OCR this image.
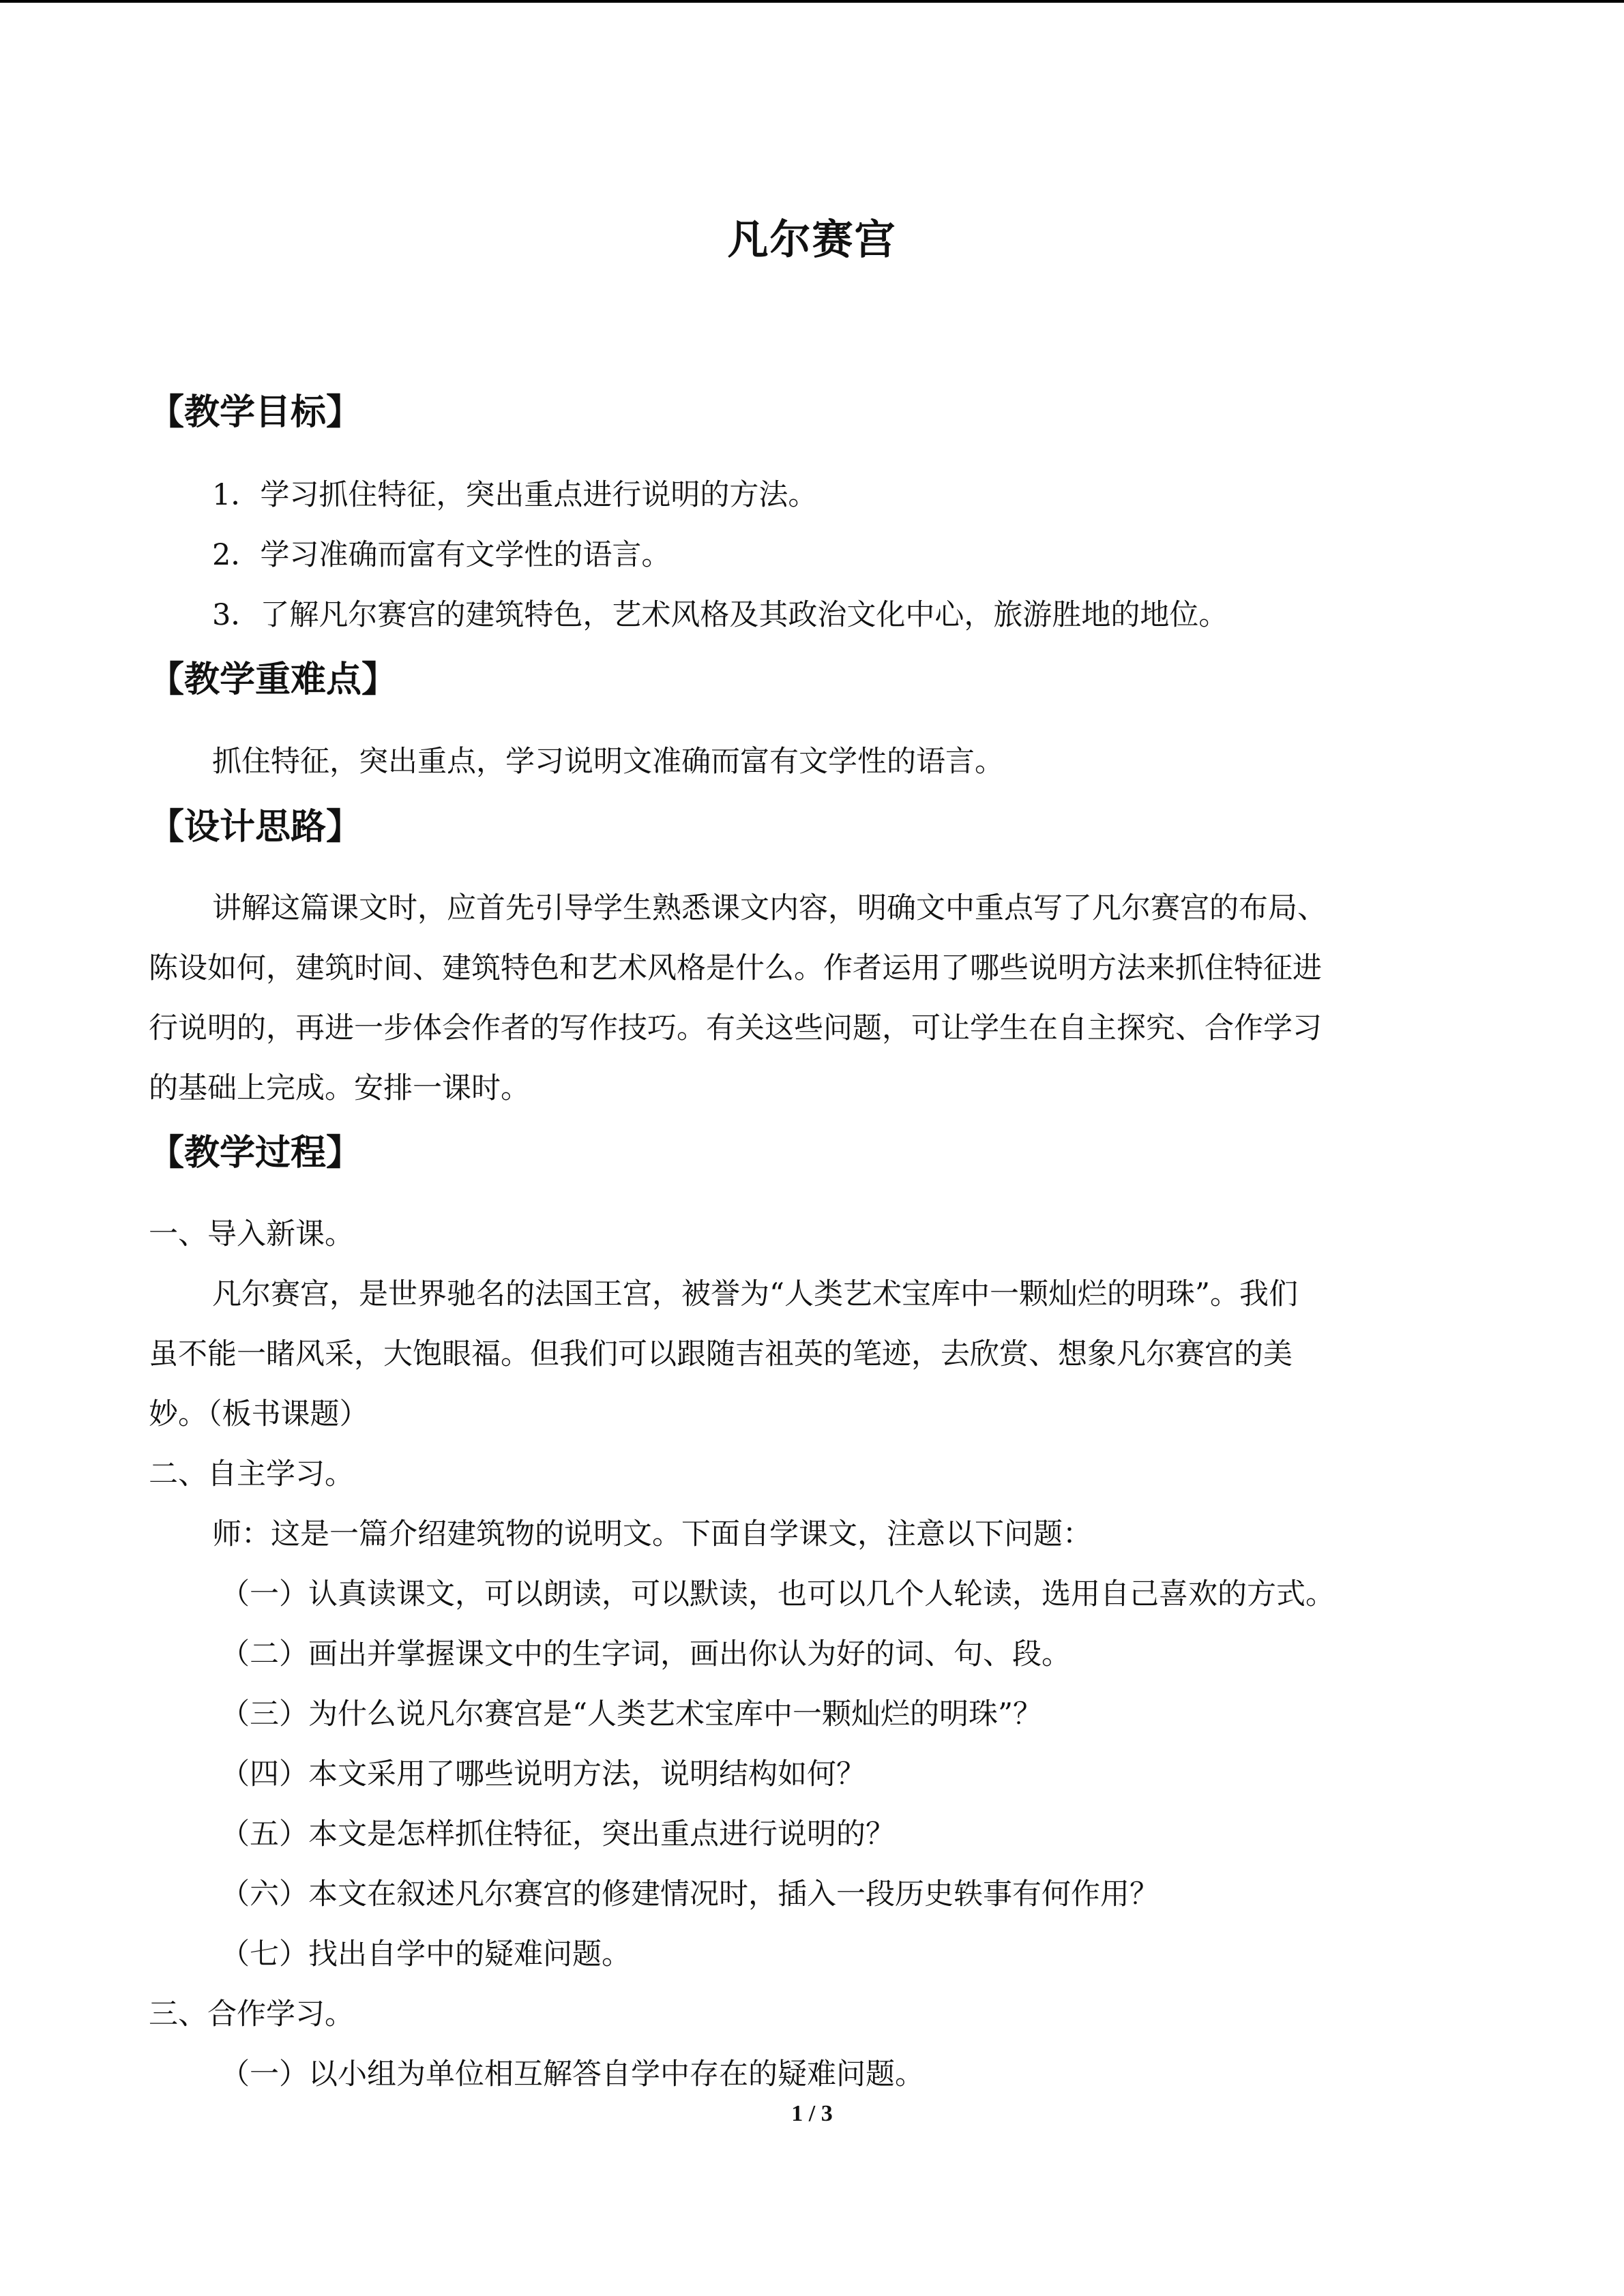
凡尔赛宫
【教学目标】
1．学习抓住特征，突出重点进行说明的方法。
2．学习准确而富有文学性的语言。
3．了解凡尔赛宫的建筑特色，艺术风格及其政治文化中心，旅游胜地的地位。
【教学重难点】
抓住特征，突出重点，学习说明文准确而富有文学性的语言。
【设计思路】
讲解这篇课文时，应首先引导学生熟悉课文内容，明确文中重点写了凡尔赛宫的布局、
陈设如何，建筑时间、建筑特色和艺术风格是什么。作者运用了哪些说明方法来抓住特征进
行说明的，再进一步体会作者的写作技巧。有关这些问题，可让学生在自主探究、合作学习
的基础上完成。安排一课时。
【教学过程】
一、导入新课。
凡尔赛宫，是世界驰名的法国王宫，被誉为“人类艺术宝库中一颗灿烂的明珠”。我们
虽不能一睹风采，大饱眼福。但我们可以跟随吉祖英的笔迹，去欣赏、想象凡尔赛宫的美
妙。（板书课题）
二、自主学习。
师：这是一篇介绍建筑物的说明文。下面自学课文，注意以下问题：
（一）认真读课文，可以朗读，可以默读，也可以几个人轮读，选用自己喜欢的方式。
（二）画出并掌握课文中的生字词，画出你认为好的词、句、段。
（三）为什么说凡尔赛宫是“人类艺术宝库中一颗灿烂的明珠”？
（四）本文采用了哪些说明方法，说明结构如何？
（五）本文是怎样抓住特征，突出重点进行说明的？
（六）本文在叙述凡尔赛宫的修建情况时，插入一段历史轶事有何作用？
（七）找出自学中的疑难问题。
三、合作学习。
（一）以小组为单位相互解答自学中存在的疑难问题。
1 / 3
